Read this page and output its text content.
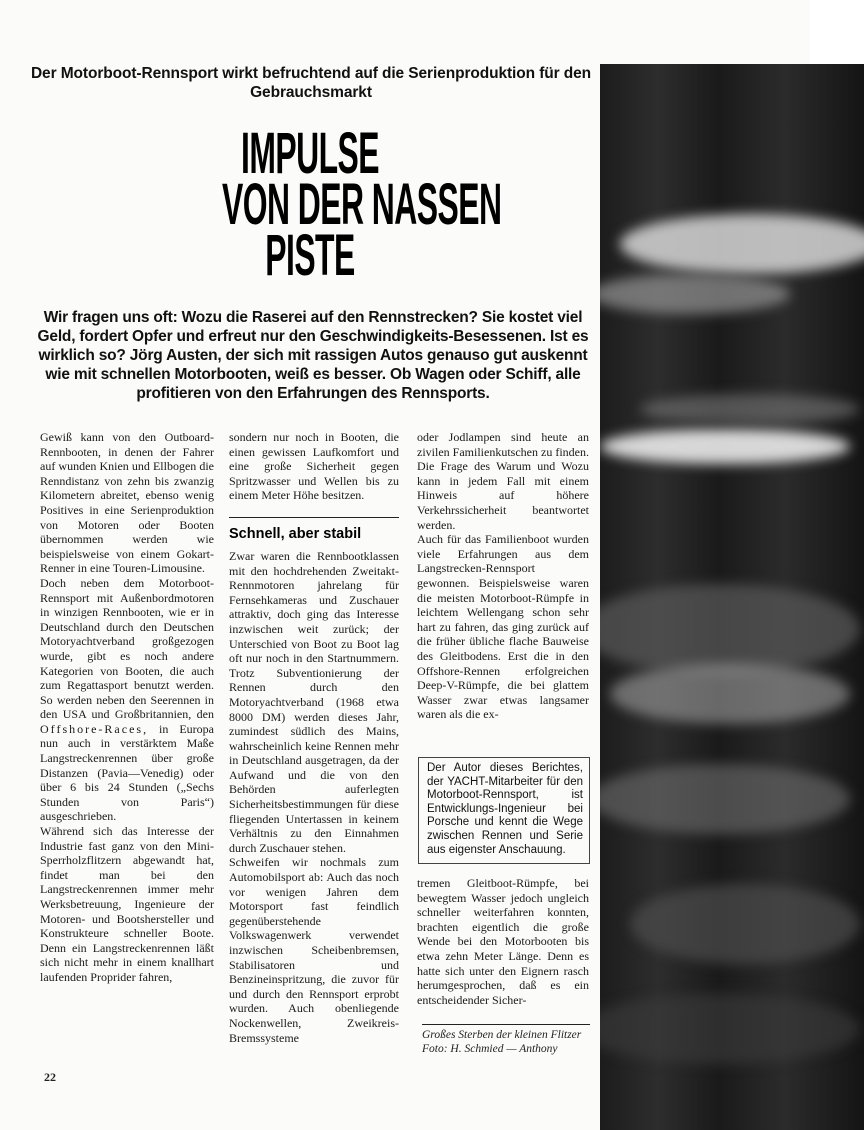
Der Motorboot-Rennsport wirkt befruchtend auf die Serienproduktion für den Gebrauchsmarkt
IMPULSE
VON DER NASSEN
PISTE

Wir fragen uns oft: Wozu die Raserei auf den Rennstrecken? Sie kostet viel Geld, fordert Opfer und erfreut nur den Geschwindigkeits-Besessenen. Ist es wirklich so? Jörg Austen, der sich mit rassigen Autos genauso gut auskennt wie mit schnellen Motorbooten, weiß es besser. Ob Wagen oder Schiff, alle profitieren von den Erfahrungen des Rennsports.

Gewiß kann von den Outboard-Rennbooten, in denen der Fahrer auf wunden Knien und Ellbogen die Renndistanz von zehn bis zwanzig Kilometern abreitet, ebenso wenig Positives in eine Serienproduktion von Motoren oder Booten übernommen werden wie beispielsweise von einem Gokart-Renner in eine Touren-Limousine.

Doch neben dem Motorboot-Rennsport mit Außenbordmotoren in winzigen Rennbooten, wie er in Deutschland durch den Deutschen Motoryachtverband großgezogen wurde, gibt es noch andere Kategorien von Booten, die auch zum Regattasport benutzt werden. So werden neben den Seerennen in den USA und Großbritannien, den Offshore-Races, in Europa nun auch in verstärktem Maße Langstreckenrennen über große Distanzen (Pavia—Venedig) oder über 6 bis 24 Stunden („Sechs Stunden von Paris“) ausgeschrieben.

Während sich das Interesse der Industrie fast ganz von den Mini-Sperrholzflitzern abgewandt hat, findet man bei den Langstreckenrennen immer mehr Werksbetreuung, Ingenieure der Motoren- und Bootshersteller und Konstrukteure schneller Boote. Denn ein Langstreckenrennen läßt sich nicht mehr in einem knallhart laufenden Proprider fahren,

sondern nur noch in Booten, die einen gewissen Laufkomfort und eine große Sicherheit gegen Spritzwasser und Wellen bis zu einem Meter Höhe besitzen.

Schnell, aber stabil

Zwar waren die Rennbootklassen mit den hochdrehenden Zweitakt-Rennmotoren jahrelang für Fernsehkameras und Zuschauer attraktiv, doch ging das Interesse inzwischen weit zurück; der Unterschied von Boot zu Boot lag oft nur noch in den Startnummern. Trotz Subventionierung der Rennen durch den Motoryachtverband (1968 etwa 8000 DM) werden dieses Jahr, zumindest südlich des Mains, wahrscheinlich keine Rennen mehr in Deutschland ausgetragen, da der Aufwand und die von den Behörden auferlegten Sicherheitsbestimmungen für diese fliegenden Untertassen in keinem Verhältnis zu den Einnahmen durch Zuschauer stehen.

Schweifen wir nochmals zum Automobilsport ab: Auch das noch vor wenigen Jahren dem Motorsport fast feindlich gegenüberstehende Volkswagenwerk verwendet inzwischen Scheibenbremsen, Stabilisatoren und Benzineinspritzung, die zuvor für und durch den Rennsport erprobt wurden. Auch obenliegende Nockenwellen, Zweikreis-Bremssysteme

oder Jodlampen sind heute an zivilen Familienkutschen zu finden. Die Frage des Warum und Wozu kann in jedem Fall mit einem Hinweis auf höhere Verkehrssicherheit beantwortet werden.

Auch für das Familienboot wurden viele Erfahrungen aus dem Langstrecken-Rennsport gewonnen. Beispielsweise waren die meisten Motorboot-Rümpfe in leichtem Wellengang schon sehr hart zu fahren, das ging zurück auf die früher übliche flache Bauweise des Gleitbodens. Erst die in den Offshore-Rennen erfolgreichen Deep-V-Rümpfe, die bei glattem Wasser zwar etwas langsamer waren als die ex-

Der Autor dieses Berichtes, der YACHT-Mitarbeiter für den Motorboot-Rennsport, ist Entwicklungs-Ingenieur bei Porsche und kennt die Wege zwischen Rennen und Serie aus eigenster Anschauung.

tremen Gleitboot-Rümpfe, bei bewegtem Wasser jedoch ungleich schneller weiterfahren konnten, brachten eigentlich die große Wende bei den Motorbooten bis etwa zehn Meter Länge. Denn es hatte sich unter den Eignern rasch herumgesprochen, daß es ein entscheidender Sicher-

Großes Sterben der kleinen Flitzer

Foto: H. Schmied — Anthony

22
